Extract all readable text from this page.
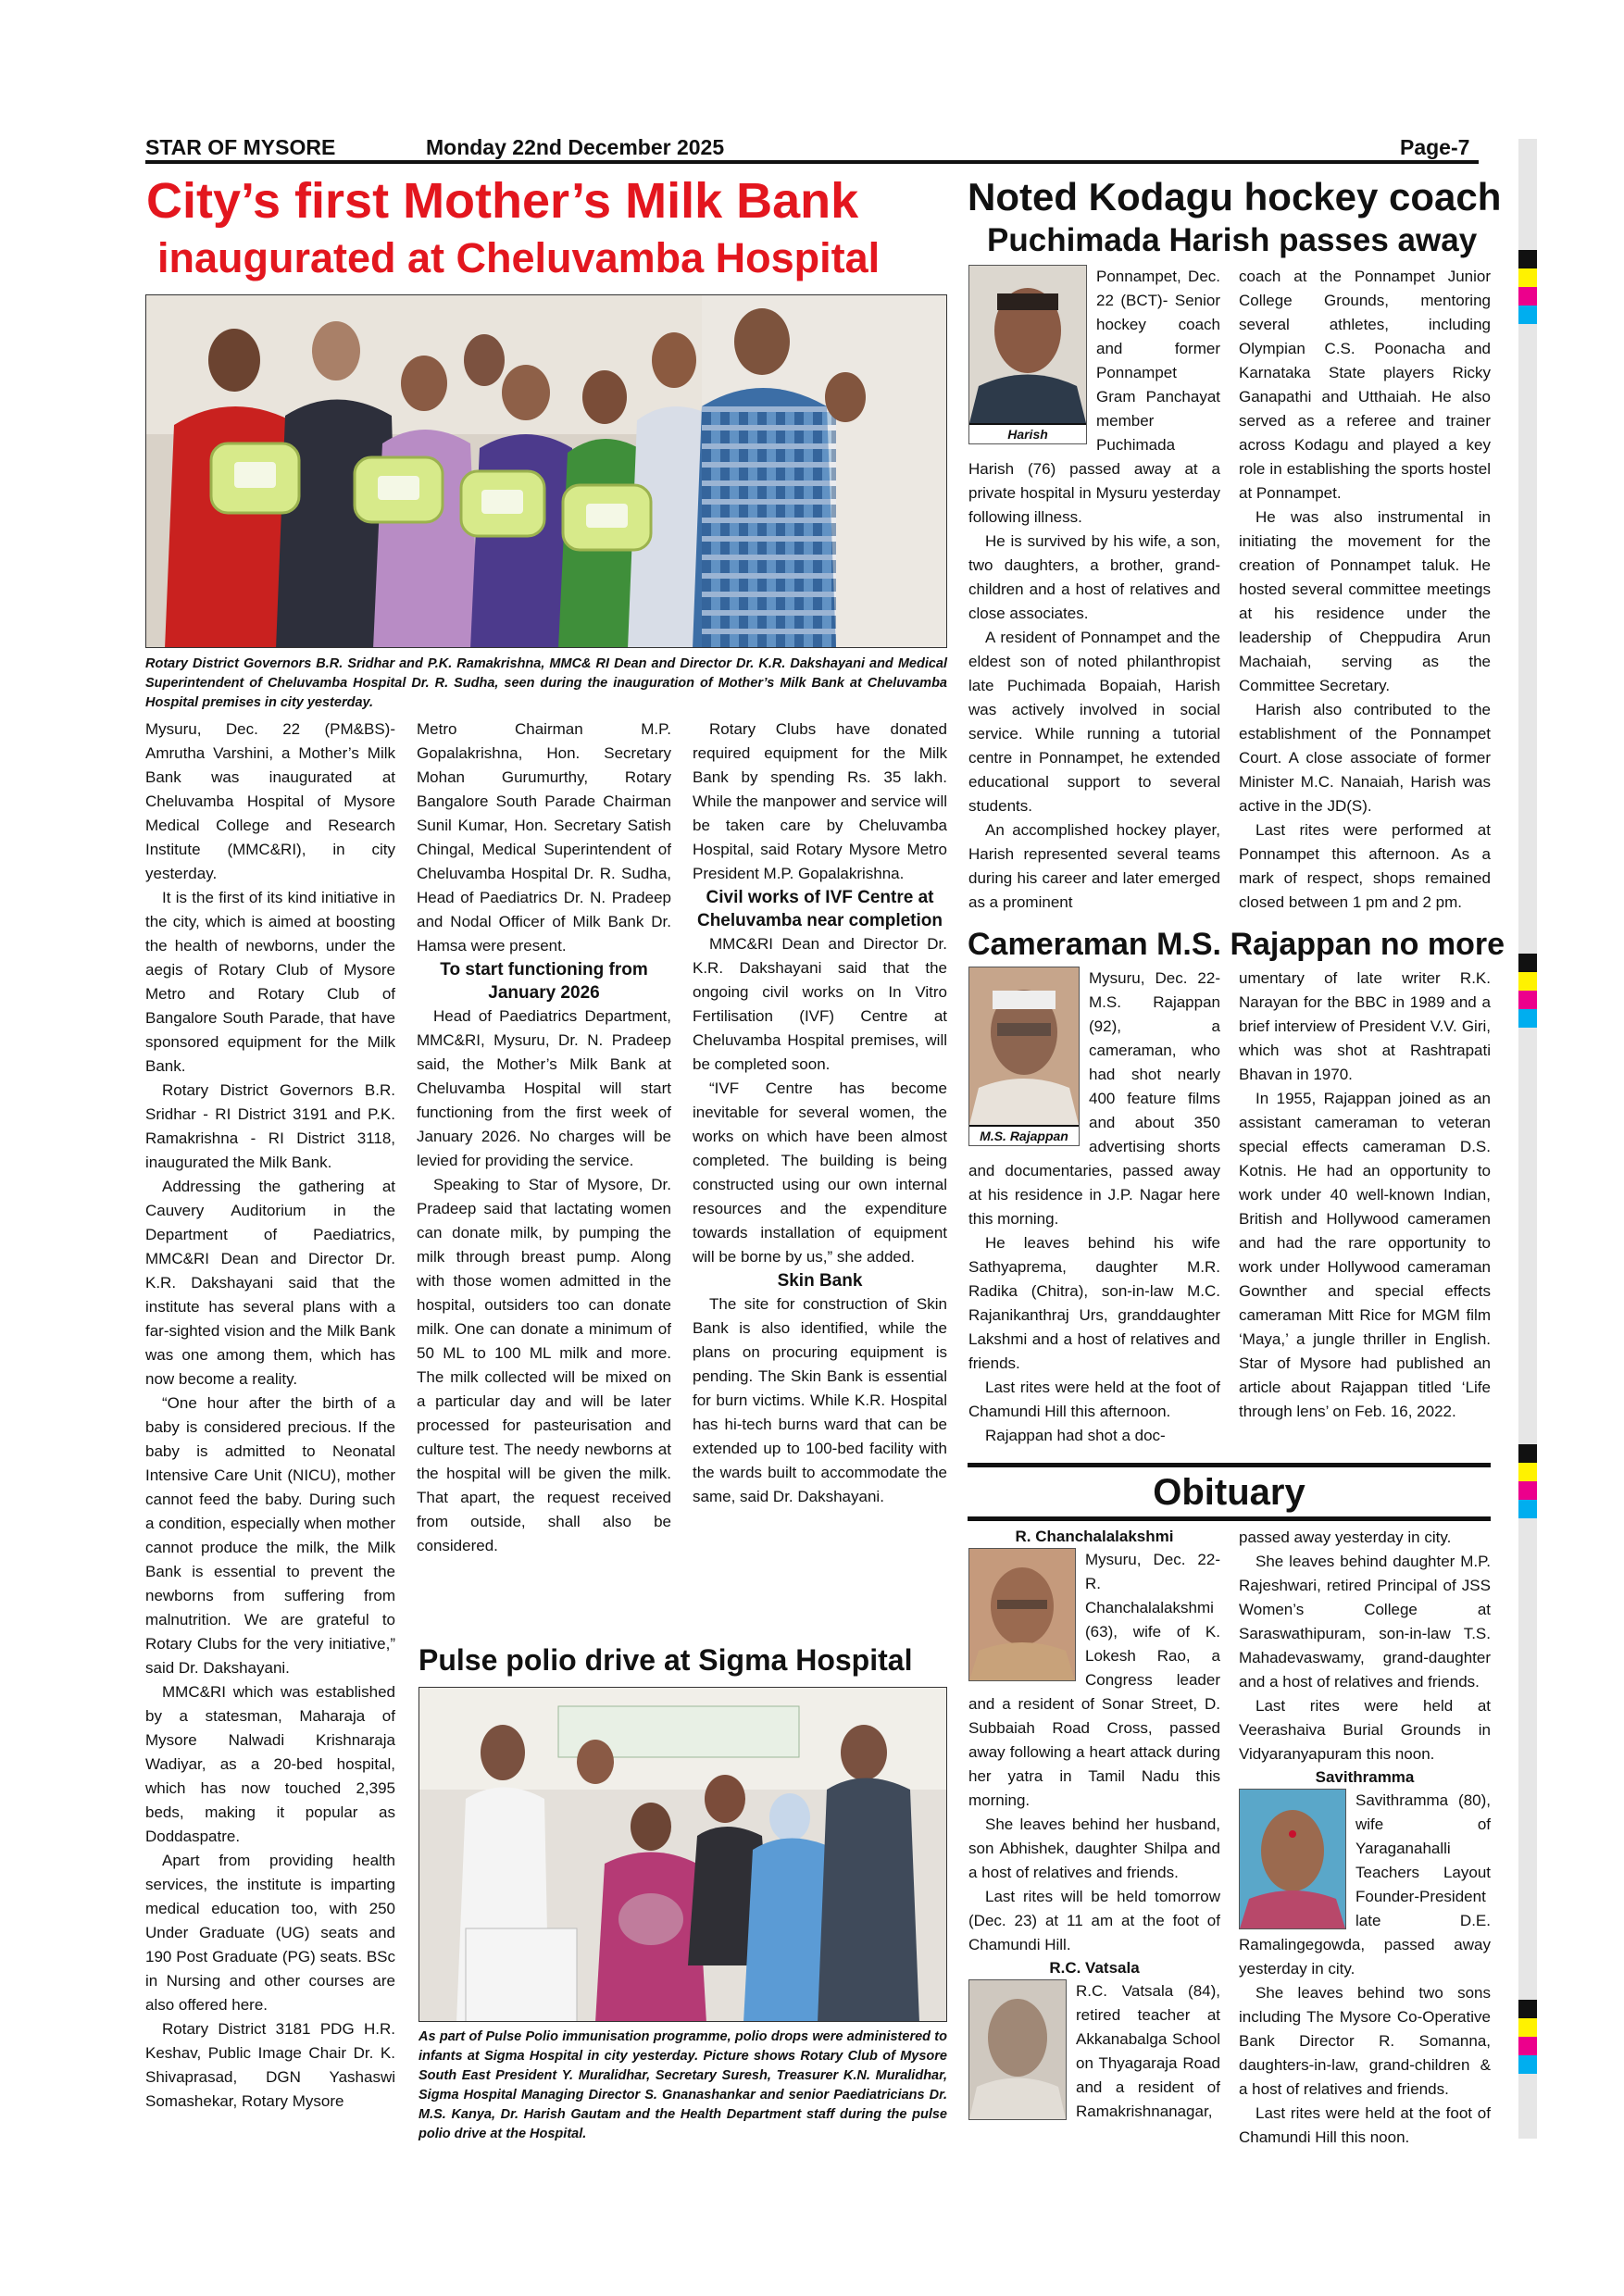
STAR OF MYSORE	Monday 22nd December 2025	Page-7
City’s first Mother’s Milk Bank
inaugurated at Cheluvamba Hospital
Rotary District Governors B.R. Sridhar and P.K. Ramakrishna, MMC& RI Dean and Director Dr. K.R. Dakshayani and Medical Superintendent of Cheluvamba Hospital Dr. R. Sudha, seen during the inauguration of Mother’s Milk Bank at Cheluvamba Hospital premises in city yesterday.

Mysuru, Dec. 22 (PM&BS)- Amrutha Varshini, a Mother’s Milk Bank was inaugurated at Cheluvamba Hospital of Mysore Medical College and Research Institute (MMC&RI), in city yesterday.

It is the first of its kind initiative in the city, which is aimed at boosting the health of newborns, under the aegis of Rotary Club of Mysore Metro and Rotary Club of Bangalore South Parade, that have sponsored equipment for the Milk Bank.

Rotary District Governors B.R. Sridhar - RI District 3191 and P.K. Ramakrishna - RI District 3118, inaugurated the Milk Bank.

Addressing the gathering at Cauvery Auditorium in the Department of Paediatrics, MMC&RI Dean and Director Dr. K.R. Dakshayani said that the institute has several plans with a far-sighted vision and the Milk Bank was one among them, which has now become a reality.

“One hour after the birth of a baby is considered precious. If the baby is admitted to Neonatal Intensive Care Unit (NICU), mother cannot feed the baby. During such a condition, especially when mother cannot produce the milk, the Milk Bank is essential to prevent the newborns from suffering from malnutrition. We are grateful to Rotary Clubs for the very initiative,” said Dr. Dakshayani.

MMC&RI which was established by a statesman, Maharaja of Mysore Nalwadi Krishnaraja Wadiyar, as a 20-bed hospital, which has now touched 2,395 beds, making it popular as Doddaspatre.

Apart from providing health services, the institute is imparting medical education too, with 250 Under Graduate (UG) seats and 190 Post Graduate (PG) seats. BSc in Nursing and other courses are also offered here.

Rotary District 3181 PDG H.R. Keshav, Public Image Chair Dr. K. Shivaprasad, DGN Yashaswi Somashekar, Rotary Mysore

Metro Chairman M.P. Gopalakrishna, Hon. Secretary Mohan Gurumurthy, Rotary Bangalore South Parade Chairman Sunil Kumar, Hon. Secretary Satish Chingal, Medical Superintendent of Cheluvamba Hospital Dr. R. Sudha, Head of Paediatrics Dr. N. Pradeep and Nodal Officer of Milk Bank Dr. Hamsa were present.

To start functioning from January 2026

Head of Paediatrics Department, MMC&RI, Mysuru, Dr. N. Pradeep said, the Mother’s Milk Bank at Cheluvamba Hospital will start functioning from the first week of January 2026. No charges will be levied for providing the service.

Speaking to Star of Mysore, Dr. Pradeep said that lactating women can donate milk, by pumping the milk through breast pump. Along with those women admitted in the hospital, outsiders too can donate milk. One can donate a minimum of 50 ML to 100 ML milk and more. The milk collected will be mixed on a particular day and will be later processed for pasteurisation and culture test. The needy newborns at the hospital will be given the milk. That apart, the request received from outside, shall also be considered.

Rotary Clubs have donated required equipment for the Milk Bank by spending Rs. 35 lakh. While the manpower and service will be taken care by Cheluvamba Hospital, said Rotary Mysore Metro President M.P. Gopalakrishna.

Civil works of IVF Centre at Cheluvamba near completion

MMC&RI Dean and Director Dr. K.R. Dakshayani said that the ongoing civil works on In Vitro Fertilisation (IVF) Centre at Cheluvamba Hospital premises, will be completed soon.

“IVF Centre has become inevitable for several women, the works on which have been almost completed. The building is being constructed using our own internal resources and the expenditure towards installation of equipment will be borne by us,” she added.

Skin Bank

The site for construction of Skin Bank is also identified, while the plans on procuring equipment is pending. The Skin Bank is essential for burn victims. While K.R. Hospital has hi-tech burns ward that can be extended up to 100-bed facility with the wards built to accommodate the same, said Dr. Dakshayani.

Pulse polio drive at Sigma Hospital
As part of Pulse Polio immunisation programme, polio drops were administered to infants at Sigma Hospital in city yesterday. Picture shows Rotary Club of Mysore South East President Y. Muralidhar, Secretary Suresh, Treasurer K.N. Muralidhar, Sigma Hospital Managing Director S. Gnanashankar and senior Paediatricians Dr. M.S. Kanya, Dr. Harish Gautam and the Health Department staff during the pulse polio drive at the Hospital.
Noted Kodagu hockey coach
Puchimada Harish passes away
Harish

Ponnampet, Dec. 22 (BCT)- Senior hockey coach and former Ponnampet Gram Panchayat member Puchimada Harish (76) passed away at a private hospital in Mysuru yesterday following illness.

He is survived by his wife, a son, two daughters, a brother, grand-children and a host of relatives and close associates.

A resident of Ponnampet and the eldest son of noted philanthropist late Puchimada Bopaiah, Harish was actively involved in social service. While running a tutorial centre in Ponnampet, he extended educational support to several students.

An accomplished hockey player, Harish represented several teams during his career and later emerged as a prominent

coach at the Ponnampet Junior College Grounds, mentoring several athletes, including Olympian C.S. Poonacha and Karnataka State players Ricky Ganapathi and Utthaiah. He also served as a referee and trainer across Kodagu and played a key role in establishing the sports hostel at Ponnampet.

He was also instrumental in initiating the movement for the creation of Ponnampet taluk. He hosted several committee meetings at his residence under the leadership of Cheppudira Arun Machaiah, serving as the Committee Secretary.

Harish also contributed to the establishment of the Ponnampet Court. A close associate of former Minister M.C. Nanaiah, Harish was active in the JD(S).

Last rites were performed at Ponnampet this afternoon. As a mark of respect, shops remained closed between 1 pm and 2 pm.

Cameraman M.S. Rajappan no more
M.S. Rajappan

Mysuru, Dec. 22- M.S. Rajappan (92), a cameraman, who had shot nearly 400 feature films and about 350 advertising shorts and documentaries, passed away at his residence in J.P. Nagar here this morning.

He leaves behind his wife Sathyaprema, daughter M.R. Radika (Chitra), son-in-law M.C. Rajanikanthraj Urs, granddaughter Lakshmi and a host of relatives and friends.

Last rites were held at the foot of Chamundi Hill this afternoon.

Rajappan had shot a doc-

umentary of late writer R.K. Narayan for the BBC in 1989 and a brief interview of President V.V. Giri, which was shot at Rashtrapati Bhavan in 1970.

In 1955, Rajappan joined as an assistant cameraman to veteran special effects cameraman D.S. Kotnis. He had an opportunity to work under 40 well-known Indian, British and Hollywood cameramen and had the rare opportunity to work under Hollywood cameraman Gownther and special effects cameraman Mitt Rice for MGM film ‘Maya,’ a jungle thriller in English. Star of Mysore had published an article about Rajappan titled ‘Life through lens’ on Feb. 16, 2022.

Obituary

R. Chanchalalakshmi

Mysuru, Dec. 22- R. Chanchalalakshmi (63), wife of K. Lokesh Rao, a Congress leader and a resident of Sonar Street, D. Subbaiah Road Cross, passed away following a heart attack during her yatra in Tamil Nadu this morning.

She leaves behind her husband, son Abhishek, daughter Shilpa and a host of relatives and friends.

Last rites will be held tomorrow (Dec. 23) at 11 am at the foot of Chamundi Hill.

R.C. Vatsala

R.C. Vatsala (84), retired teacher at Akkanabalga School on Thyagaraja Road and a resident of Ramakrishnanagar,

passed away yesterday in city.

She leaves behind daughter M.P. Rajeshwari, retired Principal of JSS Women’s College at Saraswathipuram, son-in-law T.S. Mahadevaswamy, grand-daughter and a host of relatives and friends.

Last rites were held at Veerashaiva Burial Grounds in Vidyaranyapuram this noon.

Savithramma

Savithramma (80), wife of Yaraganahalli Teachers Layout Founder-President late D.E. Ramalingegowda, passed away yesterday in city.

She leaves behind two sons including The Mysore Co-Operative Bank Director R. Somanna, daughters-in-law, grand-children & a host of relatives and friends.

Last rites were held at the foot of Chamundi Hill this noon.
